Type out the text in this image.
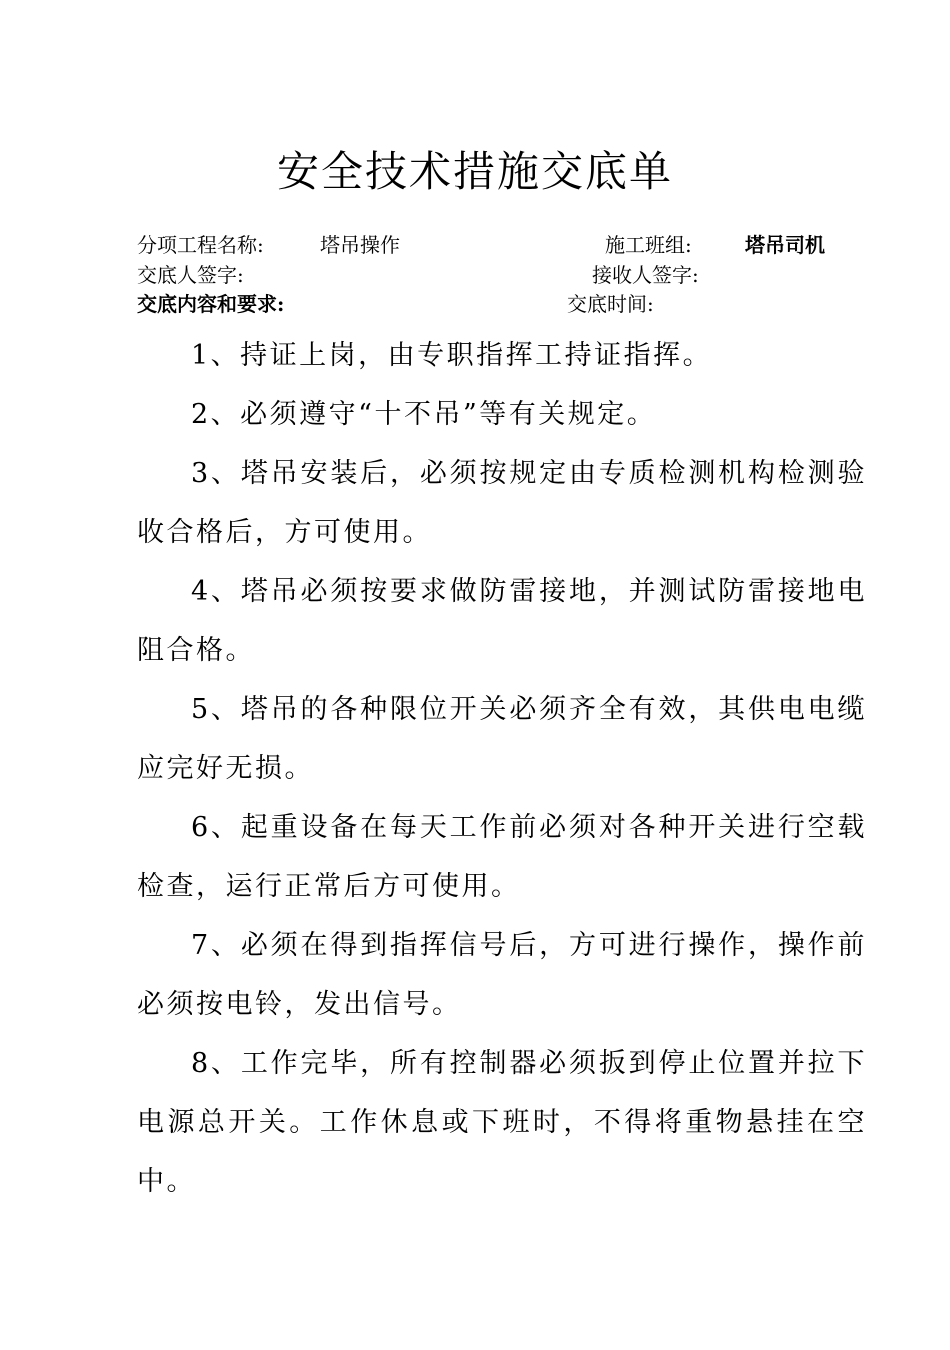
安全技术措施交底单
分项工程名称:	塔吊操作	施工班组:	塔吊司机
交底人签字:	接收人签字:
交底内容和要求:	交底时间:

1、持证上岗，由专职指挥工持证指挥。

2、必须遵守“十不吊”等有关规定。

3、塔吊安装后，必须按规定由专质检测机构检测验收合格后，方可使用。

4、塔吊必须按要求做防雷接地，并测试防雷接地电阻合格。

5、塔吊的各种限位开关必须齐全有效，其供电电缆应完好无损。

6、起重设备在每天工作前必须对各种开关进行空载检查，运行正常后方可使用。

7、必须在得到指挥信号后，方可进行操作，操作前必须按电铃，发出信号。

8、工作完毕，所有控制器必须扳到停止位置并拉下电源总开关。工作休息或下班时，不得将重物悬挂在空中。
